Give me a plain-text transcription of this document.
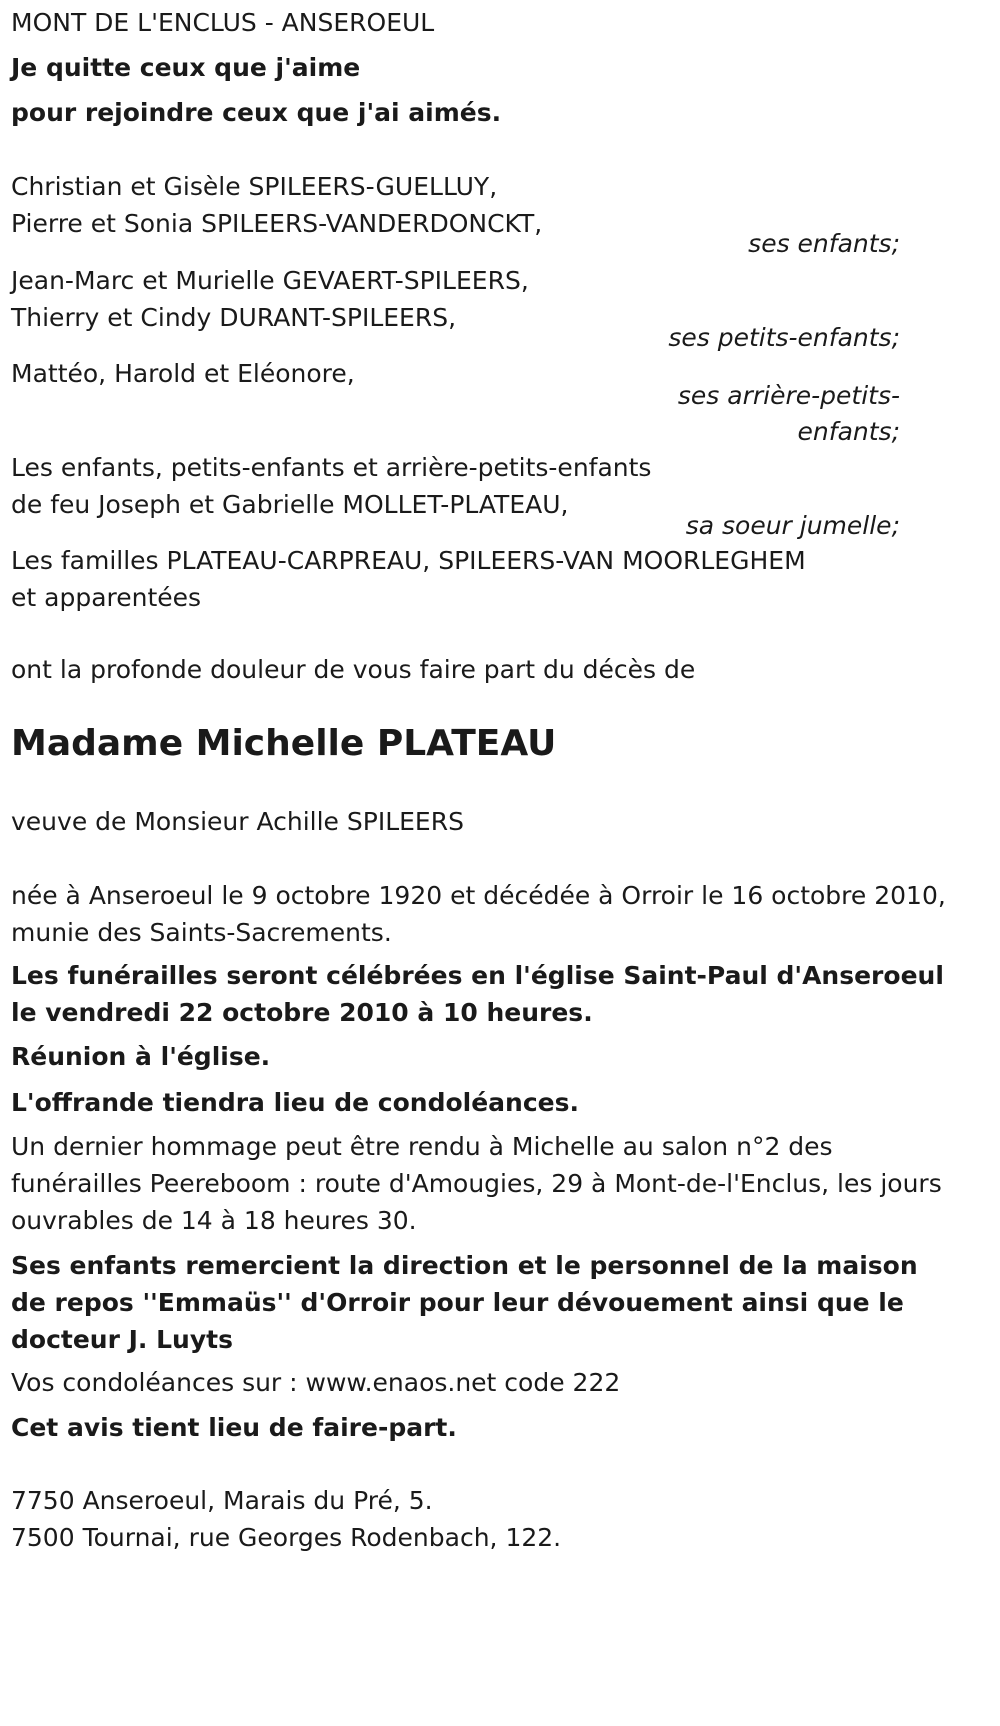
MONT DE L'ENCLUS - ANSEROEUL
Je quitte ceux que j'aime
pour rejoindre ceux que j'ai aimés.
Christian et Gisèle SPILEERS-GUELLUY,
Pierre et Sonia SPILEERS-VANDERDONCKT,
ses enfants;
Jean-Marc et Murielle GEVAERT-SPILEERS,
Thierry et Cindy DURANT-SPILEERS,
ses petits-enfants;
Mattéo, Harold et Eléonore,
ses arrière-petits-
enfants;
Les enfants, petits-enfants et arrière-petits-enfants
de feu Joseph et Gabrielle MOLLET-PLATEAU,
sa soeur jumelle;
Les familles PLATEAU-CARPREAU, SPILEERS-VAN MOORLEGHEM
et apparentées
ont la profonde douleur de vous faire part du décès de
Madame Michelle PLATEAU
veuve de Monsieur Achille SPILEERS
née à Anseroeul le 9 octobre 1920 et décédée à Orroir le 16 octobre 2010, munie des Saints-Sacrements.
Les funérailles seront célébrées en l'église Saint-Paul d'Anseroeul le vendredi 22 octobre 2010 à 10 heures.
Réunion à l'église.
L'offrande tiendra lieu de condoléances.
Un dernier hommage peut être rendu à Michelle au salon n°2 des funérailles Peereboom : route d'Amougies, 29 à Mont-de-l'Enclus, les jours ouvrables de 14 à 18 heures 30.
Ses enfants remercient la direction et le personnel de la maison de repos ''Emmaüs'' d'Orroir pour leur dévouement ainsi que le docteur J. Luyts
Vos condoléances sur : www.enaos.net code 222
Cet avis tient lieu de faire-part.
7750 Anseroeul, Marais du Pré, 5.
7500 Tournai, rue Georges Rodenbach, 122.
